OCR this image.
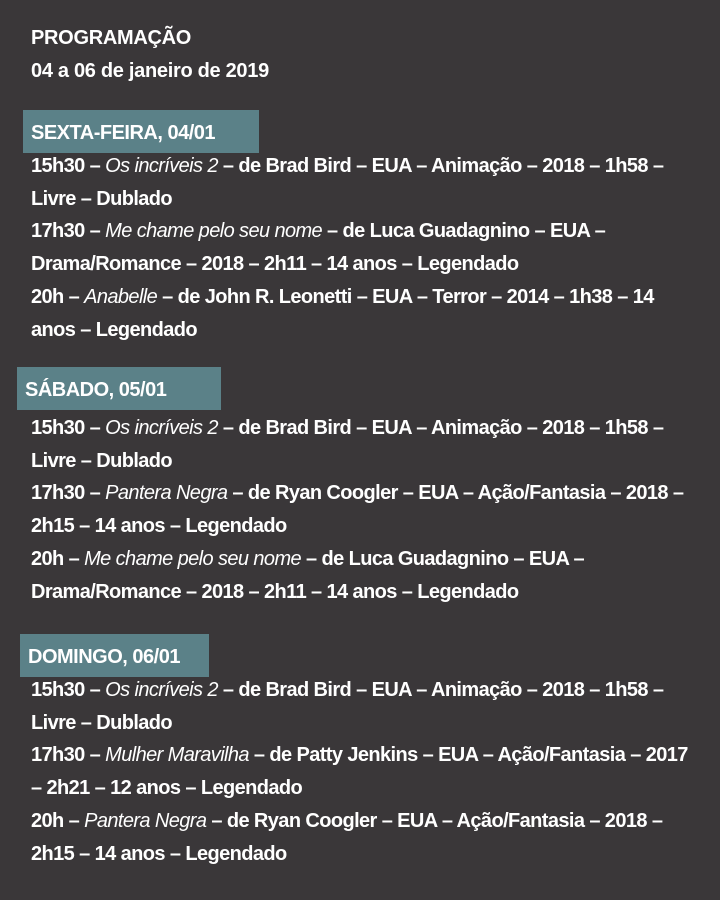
PROGRAMAÇÃO
04 a 06 de janeiro de 2019
SEXTA-FEIRA, 04/01

15h30 – Os incríveis 2 – de Brad Bird – EUA – Animação – 2018 – 1h58 – Livre – Dublado

17h30 – Me chame pelo seu nome – de Luca Guadagnino – EUA – Drama/Romance – 2018 – 2h11 – 14 anos – Legendado

20h – Anabelle – de John R. Leonetti – EUA – Terror – 2014 – 1h38 – 14 anos – Legendado

SÁBADO, 05/01

15h30 – Os incríveis 2 – de Brad Bird – EUA – Animação – 2018 – 1h58 – Livre – Dublado

17h30 – Pantera Negra – de Ryan Coogler – EUA – Ação/Fantasia – 2018 – 2h15 – 14 anos – Legendado

20h – Me chame pelo seu nome – de Luca Guadagnino – EUA – Drama/Romance – 2018 – 2h11 – 14 anos – Legendado

DOMINGO, 06/01

15h30 – Os incríveis 2 – de Brad Bird – EUA – Animação – 2018 – 1h58 – Livre – Dublado

17h30 – Mulher Maravilha – de Patty Jenkins – EUA – Ação/Fantasia – 2017 – 2h21 – 12 anos – Legendado

20h – Pantera Negra – de Ryan Coogler – EUA – Ação/Fantasia – 2018 – 2h15 – 14 anos – Legendado
